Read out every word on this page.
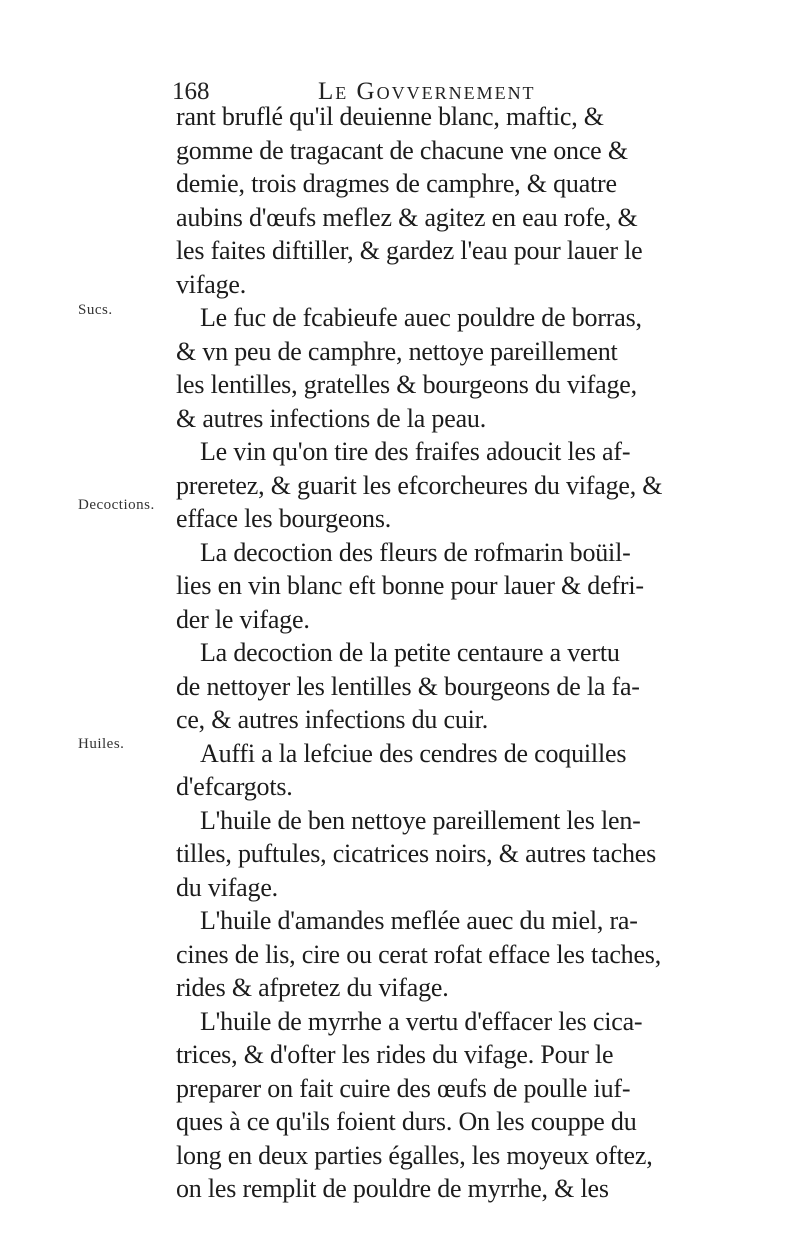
168	Le Govvernement
Sucs.
Decoctions.
Huiles.
rant bruflé qu'il deuienne blanc, maftic, &
gomme de tragacant de chacune vne once &
demie, trois dragmes de camphre, & quatre
aubins d'œufs meflez & agitez en eau rofe, &
les faites diftiller, & gardez l'eau pour lauer le
vifage.
Le fuc de fcabieufe auec pouldre de borras,
& vn peu de camphre, nettoye pareillement
les lentilles, gratelles & bourgeons du vifage,
& autres infections de la peau.
Le vin qu'on tire des fraifes adoucit les af-
preretez, & guarit les efcorcheures du vifage, &
efface les bourgeons.
La decoction des fleurs de rofmarin boüil-
lies en vin blanc eft bonne pour lauer & defri-
der le vifage.
La decoction de la petite centaure a vertu
de nettoyer les lentilles & bourgeons de la fa-
ce, & autres infections du cuir.
Auffi a la lefciue des cendres de coquilles
d'efcargots.
L'huile de ben nettoye pareillement les len-
tilles, puftules, cicatrices noirs, & autres taches
du vifage.
L'huile d'amandes meflée auec du miel, ra-
cines de lis, cire ou cerat rofat efface les taches,
rides & afpretez du vifage.
L'huile de myrrhe a vertu d'effacer les cica-
trices, & d'ofter les rides du vifage. Pour le
preparer on fait cuire des œufs de poulle iuf-
ques à ce qu'ils foient durs. On les couppe du
long en deux parties égalles, les moyeux oftez,
on les remplit de pouldre de myrrhe, & les
